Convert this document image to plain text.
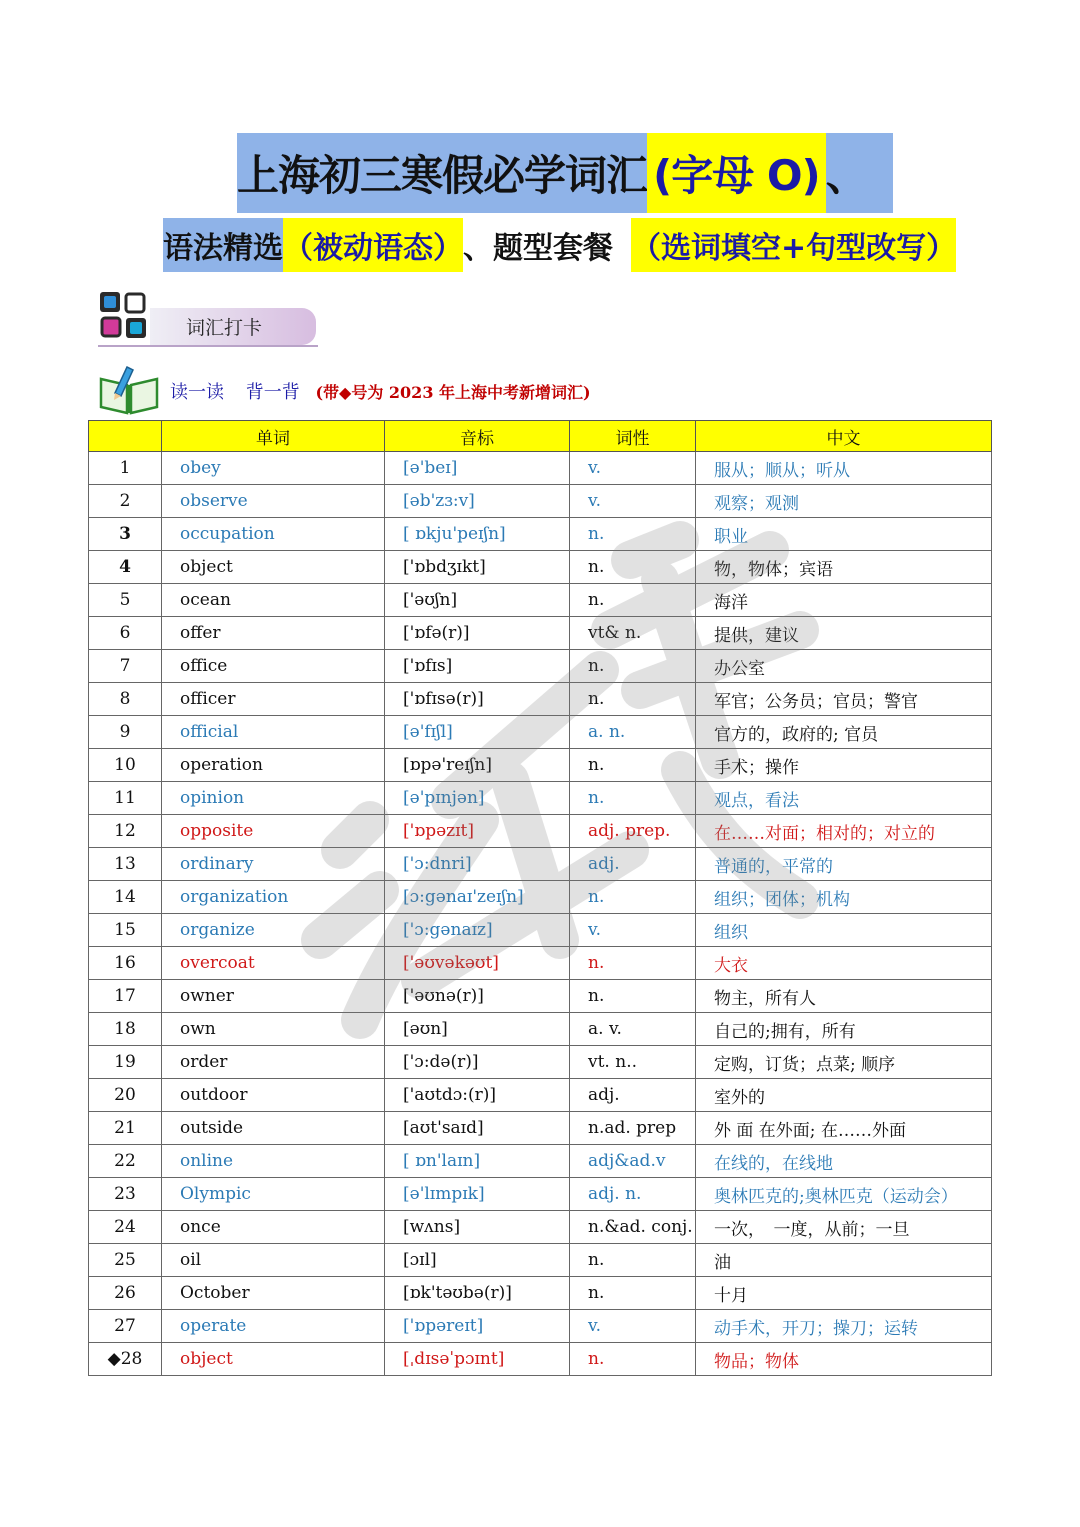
上海初三寒假必学词汇 (字母 O) 、
语法精选 （被动语态） 、题型套餐 （选词填空+句型改写）
词汇打卡
读一读 背一背 (带◆号为 2023 年上海中考新增词汇)
	单词	音标	词性	中文
1	obey	[ə'beɪ]	v.	服从；顺从；听从
2	observe	[əb'zɜ:v]	v.	观察；观测
3	occupation	[ ɒkju'peɪʃn]	n.	职业
4	object	['ɒbdʒɪkt]	n.	物，物体；宾语
5	ocean	['əʊʃn]	n.	海洋
6	offer	['ɒfə(r)]	vt& n.	提供，建议
7	office	['ɒfɪs]	n.	办公室
8	officer	['ɒfɪsə(r)]	n.	军官；公务员；官员；警官
9	official	[ə'fɪʃl]	a. n.	官方的，政府的; 官员
10	operation	[ɒpə'reɪʃn]	n.	手术；操作
11	opinion	[ə'pɪnjən]	n.	观点，看法
12	opposite	['ɒpəzɪt]	adj. prep.	在……对面；相对的；对立的
13	ordinary	['ɔ:dnri]	adj.	普通的，平常的
14	organization	[ɔ:gənaɪ'zeɪʃn]	n.	组织；团体；机构
15	organize	['ɔ:gənaɪz]	v.	组织
16	overcoat	['əʊvəkəʊt]	n.	大衣
17	owner	['əʊnə(r)]	n.	物主，所有人
18	own	[əʊn]	a. v.	自己的;拥有，所有
19	order	['ɔ:də(r)]	vt. n..	定购，订货；点菜; 顺序
20	outdoor	['aʊtdɔ:(r)]	adj.	室外的
21	outside	[aʊt'saɪd]	n.ad. prep	外 面 在外面; 在……外面
22	online	[ ɒn'laɪn]	adj&ad.v	在线的，在线地
23	Olympic	[ə'lɪmpɪk]	adj. n.	奥林匹克的;奥林匹克（运动会）
24	once	[wʌns]	n.&ad. conj.	一次，　一度，从前；一旦
25	oil	[ɔɪl]	n.	油
26	October	[ɒk'təʊbə(r)]	n.	十月
27	operate	['ɒpəreɪt]	v.	动手术，开刀；操刀；运转
◆28	object	[ˌdɪsəˈpɔɪnt]	n.	物品；物体
